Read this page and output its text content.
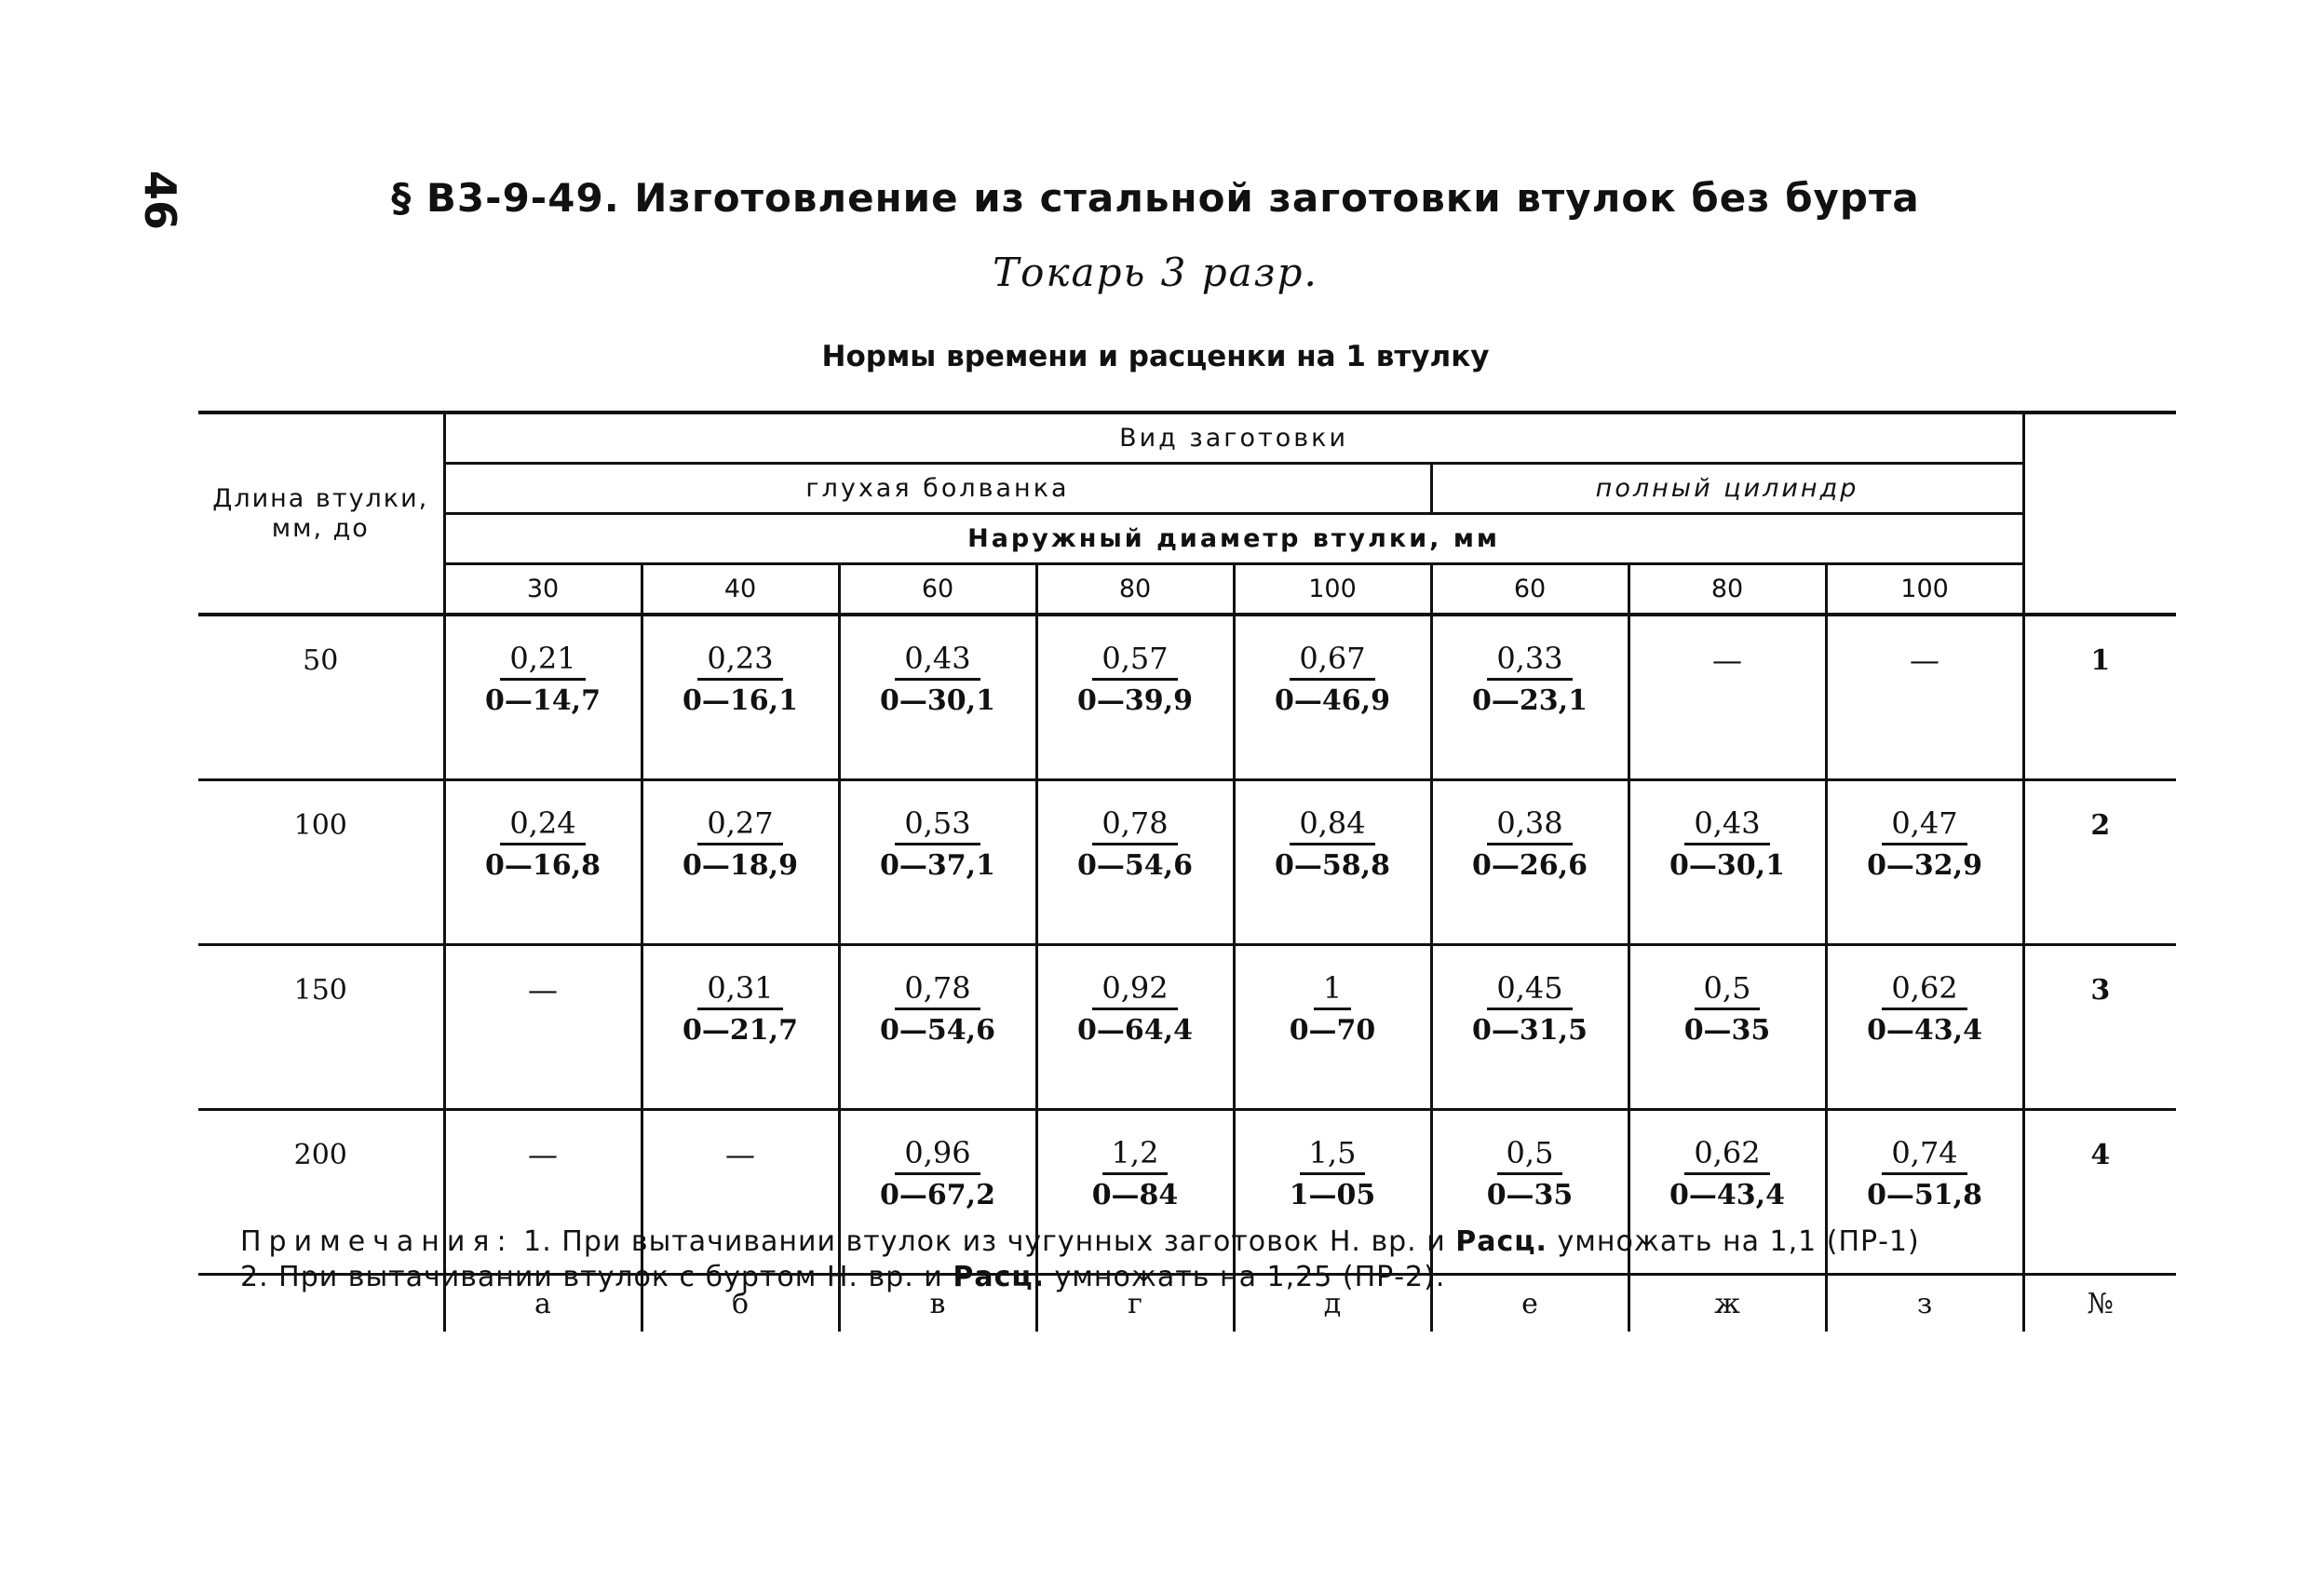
46	§ В3-9-49. Изготовление из стальной заготовки втулок без бурта
Токарь 3 разр.
Нормы времени и расценки на 1 втулку
Длина втулки, мм, до	Вид заготовки								
	глухая болванка					полный цилиндр			
	Наружный диаметр втулки, мм								
	30	40	60	80	100	60	80	100	
50	$\frac{0,21}{0—14,7}$	$\frac{0,23}{0—16,1}$	$\frac{0,43}{0—30,1}$	$\frac{0,57}{0—39,9}$	$\frac{0,67}{0—46,9}$	$\frac{0,33}{0—23,1}$	—	—	1
100	$\frac{0,24}{0—16,8}$	$\frac{0,27}{0—18,9}$	$\frac{0,53}{0—37,1}$	$\frac{0,78}{0—54,6}$	$\frac{0,84}{0—58,8}$	$\frac{0,38}{0—26,6}$	$\frac{0,43}{0—30,1}$	$\frac{0,47}{0—32,9}$	2
150	—	$\frac{0,31}{0—21,7}$	$\frac{0,78}{0—54,6}$	$\frac{0,92}{0—64,4}$	$\frac{1}{0—70}$	$\frac{0,45}{0—31,5}$	$\frac{0,5}{0—35}$	$\frac{0,62}{0—43,4}$	3
200	—	—	$\frac{0,96}{0—67,2}$	$\frac{1,2}{0—84}$	$\frac{1,5}{1—05}$	$\frac{0,5}{0—35}$	$\frac{0,62}{0—43,4}$	$\frac{0,74}{0—51,8}$	4
	а	б	в	г	д	е	ж	з	№
Примечания: 1. При вытачивании втулок из чугунных заготовок Н. вр. и Расц. умножать на 1,1 (ПР-1)
2. При вытачивании втулок с буртом Н. вр. и Расц. умножать на 1,25 (ПР-2).
